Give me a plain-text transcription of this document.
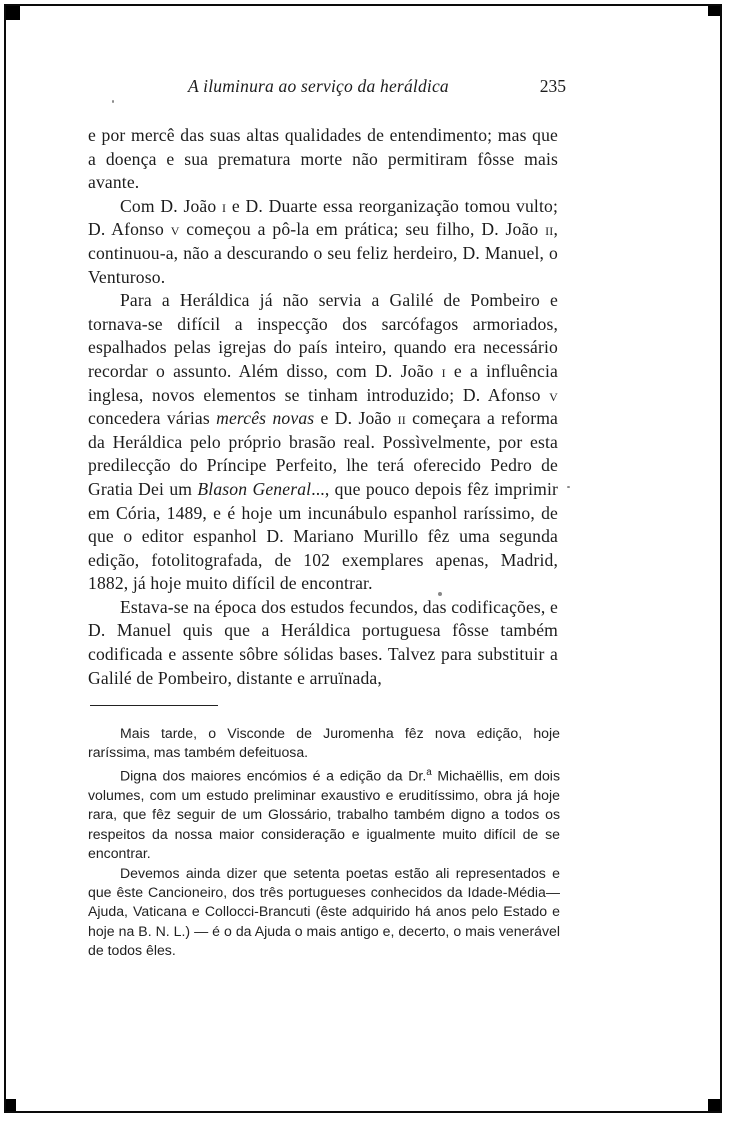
A iluminura ao serviço da heráldica	235

e por mercê das suas altas qualidades de entendimento; mas que a doença e sua prematura morte não permitiram fôsse mais avante.

Com D. João i e D. Duarte essa reorganização tomou vulto; D. Afonso v começou a pô-la em prática; seu filho, D. João ii, continuou-a, não a descurando o seu feliz herdeiro, D. Manuel, o Venturoso.

Para a Heráldica já não servia a Galilé de Pombeiro e tornava-se difícil a inspecção dos sarcófagos armoriados, espalhados pelas igrejas do país inteiro, quando era necessário recordar o assunto. Além disso, com D. João i e a influência inglesa, novos elementos se tinham introduzido; D. Afonso v concedera várias mercês novas e D. João ii começara a reforma da Heráldica pelo próprio brasão real. Possìvelmente, por esta predilecção do Príncipe Perfeito, lhe terá oferecido Pedro de Gratia Dei um Blason General..., que pouco depois fêz imprimir em Cória, 1489, e é hoje um incunábulo espanhol raríssimo, de que o editor espanhol D. Mariano Murillo fêz uma segunda edição, fotolitografada, de 102 exemplares apenas, Madrid, 1882, já hoje muito difícil de encontrar.

Estava-se na época dos estudos fecundos, das codificações, e D. Manuel quis que a Heráldica portuguesa fôsse também codificada e assente sôbre sólidas bases. Talvez para substituir a Galilé de Pombeiro, distante e arruïnada,

Mais tarde, o Visconde de Juromenha fêz nova edição, hoje raríssima, mas também defeituosa.

Digna dos maiores encómios é a edição da Dr.$^a$ Michaëllis, em dois volumes, com um estudo preliminar exaustivo e eruditíssimo, obra já hoje rara, que fêz seguir de um Glossário, trabalho também digno a todos os respeitos da nossa maior consideração e igualmente muito difícil de se encontrar.

Devemos ainda dizer que setenta poetas estão ali representados e que êste Cancioneiro, dos três portugueses conhecidos da Idade-Média—Ajuda, Vaticana e Collocci-Brancuti (êste adquirido há anos pelo Estado e hoje na B. N. L.) — é o da Ajuda o mais antigo e, decerto, o mais venerável de todos êles.
